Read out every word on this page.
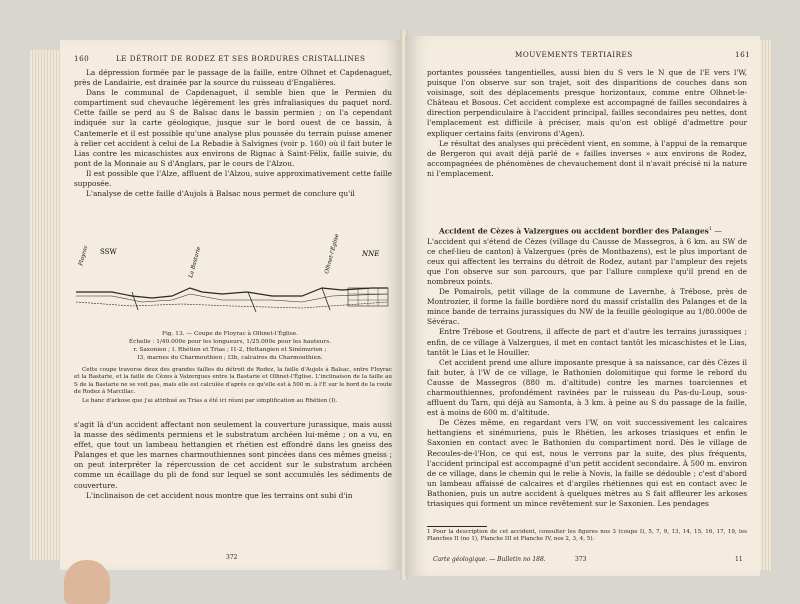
160	LE DÉTROIT DE RODEZ ET SES BORDURES CRISTALLINES

La dépression formée par le passage de la faille, entre Olhnet et Capdenaguet, près de Landairie, est drainée par la source du ruisseau d'Engalières.

Dans le communal de Capdenaguet, il semble bien que le Permien du compartiment sud chevauche légèrement les grès infraliasiques du paquet nord. Cette faille se perd au S de Balsac dans le bassin permien ; on l'a cependant indiquée sur la carte géologique, jusque sur le bord ouest de ce bassin, à Cantemerle et il est possible qu'une analyse plus poussée du terrain puisse amener à relier cet accident à celui de La Rebadie à Salvignes (voir p. 160) où il fait buter le Lias contre les micaschistes aux environs de Rignac à Saint-Félix, faille suivie, du pont de la Monnaie au S d'Anglars, par le cours de l'Alzou.

Il est possible que l'Alze, affluent de l'Alzou, suive approximativement cette faille supposée.

L'analyse de cette faille d'Aujols à Balsac nous permet de conclure qu'il

SSW	NNE
Floyrac	La Bastarie	Olhnet-l'Église
Fig. 13. — Coupe de Floyrac à Olhnet-l'Église.
Échelle : 1/40.000e pour les longueurs, 1/25.000e pour les hauteurs.
r. Saxonien ; I. Rhétien et Trias ; I1-2, Hettangien et Sinémurien ;
I3, marnes du Charmouthien ; I3b, calcaires du Charmouthien.

Cette coupe traverse deux des grandes failles du détroit de Rodez, la faille d'Aujols à Balsac, entre Floyrac et la Bastarie, et la faille de Cèzes à Valzergues entre la Bastarie et Olhnet-l'Église. L'inclinaison de la faille au S de la Bastarie ne se voit pas, mais elle est calculée d'après ce qu'elle est à 500 m. à l'E sur le bord de la route de Rodez à Marcillac.

Le banc d'arkose que j'ai attribué au Trias a été ici réuni par simplification au Rhétien (I).

s'agit là d'un accident affectant non seulement la couverture jurassique, mais aussi la masse des sédiments permiens et le substratum archéen lui-même ; on a vu, en effet, que tout un lambeau hettangien et rhétien est effondré dans les gneiss des Palanges et que les marnes charmouthiennes sont pincées dans ces mêmes gneiss ; on peut interpréter la répercussion de cet accident sur le substratum archéen comme un écaillage du pli de fond sur lequel se sont accumulés les sédiments de couverture.

L'inclinaison de cet accident nous montre que les terrains ont subi d'in

372
MOUVEMENTS TERTIAIRES	161

portantes poussées tangentielles, aussi bien du S vers le N que de l'E vers l'W, puisque l'on observe sur son trajet, soit des disparitions de couches dans son voisinage, soit des déplacements presque horizontaux, comme entre Olhnet-le-Château et Bosous. Cet accident complexe est accompagné de failles secondaires à direction perpendiculaire à l'accident principal, failles secondaires peu nettes, dont l'emplacement est difficile à préciser, mais qu'on est obligé d'admettre pour expliquer certains faits (environs d'Agen).

Le résultat des analyses qui précèdent vient, en somme, à l'appui de la remarque de Bergeron qui avait déjà parlé de « failles inverses » aux environs de Rodez, accompagnées de phénomènes de chevauchement dont il n'avait précisé ni la nature ni l'emplacement.

Accident de Cèzes à Valzergues ou accident bordier des Palanges$^1$ —

L'accident qui s'étend de Cèzes (village du Causse de Massegros, à 6 km. au SW de ce chef-lieu de canton) à Valzergues (près de Montbazens), est le plus important de ceux qui affectent les terrains du détroit de Rodez, autant par l'ampleur des rejets que l'on observe sur son parcours, que par l'allure complexe qu'il prend en de nombreux points.

De Pomairols, petit village de la commune de Lavernhe, à Trébose, près de Montrozier, il forme la faille bordière nord du massif cristallin des Palanges et de la mince bande de terrains jurassiques du NW de la feuille géologique au 1/80.000e de Sévérac.

Entre Trébose et Goutrens, il affecte de part et d'autre les terrains jurassiques ; enfin, de ce village à Valzergues, il met en contact tantôt les micaschistes et le Lias, tantôt le Lias et le Houiller.

Cet accident prend une allure imposante presque à sa naissance, car dès Cèzes il fait buter, à l'W de ce village, le Bathonien dolomitique qui forme le rebord du Causse de Massegros (880 m. d'altitude) contre les marnes toarciennes et charmouthiennes, profondément ravinées par le ruisseau du Pas-du-Loup, sous-affluent du Tarn, qui déjà au Samonta, à 3 km. à peine au S du passage de la faille, est à moins de 600 m. d'altitude.

De Cèzes même, en regardant vers l'W, on voit successivement les calcaires hettangiens et sinémuriens, puis le Rhétien, les arkoses triasiques et enfin le Saxonien en contact avec le Bathonien du compartiment nord. Dès le village de Recoules-de-l'Hon, ce qui est, nous le verrons par la suite, des plus fréquents, l'accident principal est accompagné d'un petit accident secondaire. À 500 m. environ de ce village, dans le chemin qui le relie à Novis, la faille se dédouble ; c'est d'abord un lambeau affaissé de calcaires et d'argiles rhétiennes qui est en contact avec le Bathonien, puis un autre accident à quelques mètres au S fait affleurer les arkoses triasiques qui forment un mince revêtement sur le Saxonien. Les pendages

1 Pour la description de cet accident, consulter les figures nos 3 (coupe I), 5, 7, 9, 13, 14, 15, 16, 17, 19, les Planches II (no 1), Planche III et Planche IV, nos 2, 3, 4, 5).
Carte géologique. — Bulletin no 188.	373	11
